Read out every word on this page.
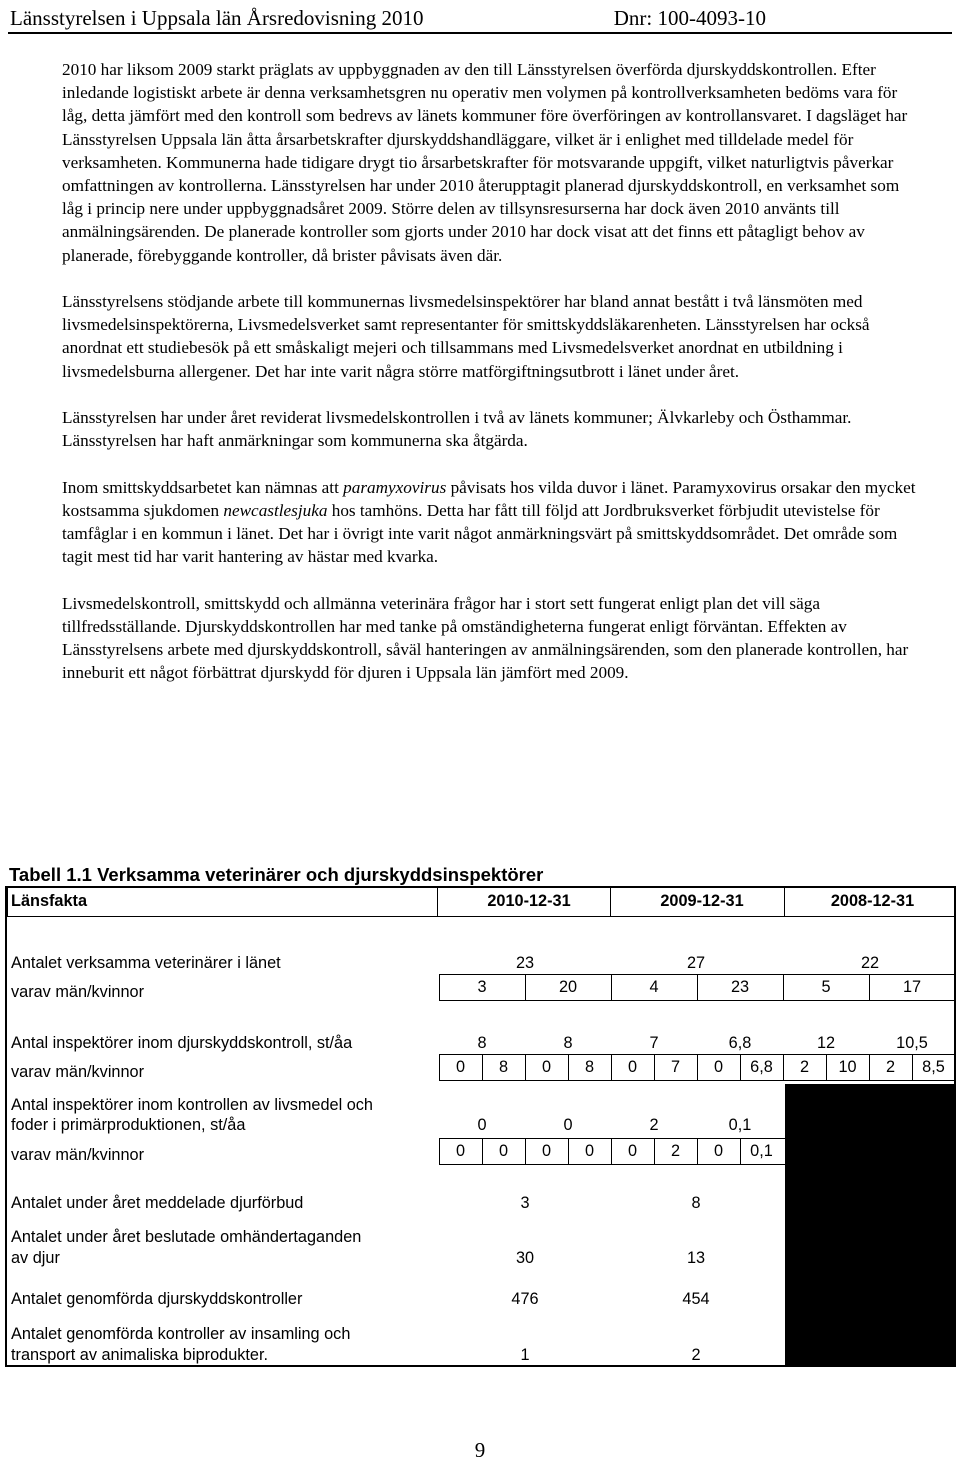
Länsstyrelsen i Uppsala län Årsredovisning 2010	Dnr: 100-4093-10

2010 har liksom 2009 starkt präglats av uppbyggnaden av den till Länsstyrelsen överförda djurskyddskontrollen. Efter inledande logistiskt arbete är denna verksamhetsgren nu operativ men volymen på kontrollverksamheten bedöms vara för låg, detta jämfört med den kontroll som bedrevs av länets kommuner före överföringen av kontrollansvaret. I dagsläget har Länsstyrelsen Uppsala län åtta årsarbetskrafter djurskyddshandläggare, vilket är i enlighet med tilldelade medel för verksamheten. Kommunerna hade tidigare drygt tio årsarbetskrafter för motsvarande uppgift, vilket naturligtvis påverkar omfattningen av kontrollerna. Länsstyrelsen har under 2010 återupptagit planerad djurskyddskontroll, en verksamhet som låg i princip nere under uppbyggnadsåret 2009. Större delen av tillsynsresurserna har dock även 2010 använts till anmälningsärenden. De planerade kontroller som gjorts under 2010 har dock visat att det finns ett påtagligt behov av planerade, förebyggande kontroller, då brister påvisats även där.

Länsstyrelsens stödjande arbete till kommunernas livsmedelsinspektörer har bland annat bestått i två länsmöten med livsmedelsinspektörerna, Livsmedelsverket samt representanter för smittskyddsläkarenheten. Länsstyrelsen har också anordnat ett studiebesök på ett småskaligt mejeri och tillsammans med Livsmedelsverket anordnat en utbildning i livsmedelsburna allergener. Det har inte varit några större matförgiftningsutbrott i länet under året.

Länsstyrelsen har under året reviderat livsmedelskontrollen i två av länets kommuner; Älvkarleby och Östhammar. Länsstyrelsen har haft anmärkningar som kommunerna ska åtgärda.

Inom smittskyddsarbetet kan nämnas att paramyxovirus påvisats hos vilda duvor i länet. Paramyxovirus orsakar den mycket kostsamma sjukdomen newcastlesjuka hos tamhöns. Detta har fått till följd att Jordbruksverket förbjudit utevistelse för tamfåglar i en kommun i länet. Det har i övrigt inte varit något anmärkningsvärt på smittskyddsområdet. Det område som tagit mest tid har varit hantering av hästar med kvarka.

Livsmedelskontroll, smittskydd och allmänna veterinära frågor har i stort sett fungerat enligt plan det vill säga tillfredsställande. Djurskyddskontrollen har med tanke på omständigheterna fungerat enligt förväntan. Effekten av Länsstyrelsens arbete med djurskyddskontroll, såväl hanteringen av anmälningsärenden, som den planerade kontrollen, har inneburit ett något förbättrat djurskydd för djuren i Uppsala län jämfört med 2009.

Tabell 1.1 Verksamma veterinärer och djurskyddsinspektörer
Länsfakta	2010-12-31	2009-12-31	2008-12-31
Antalet verksamma veterinärer i länet	23	27	22
varav män/kvinnor	3	20	4	23	5	17
Antal inspektörer inom djurskyddskontroll, st/åa	8	8	7	6,8	12	10,5
varav män/kvinnor	0	8	0	8	0	7	0	6,8	2	10	2	8,5
Antal inspektörer inom kontrollen av livsmedel och
foder i primärproduktionen, st/åa	0	0	2	0,1
varav män/kvinnor	0	0	0	0	0	2	0	0,1
Antalet under året meddelade djurförbud	3	8
Antalet under året beslutade omhändertaganden
av djur	30	13
Antalet genomförda djurskyddskontroller	476	454
Antalet genomförda kontroller av insamling och
transport av animaliska biprodukter.	1	2
9
